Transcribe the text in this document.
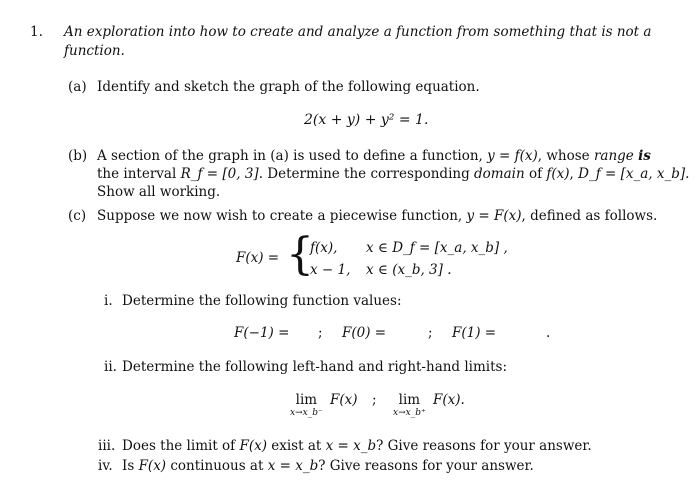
1. An exploration into how to create and analyze a function from something that is not a
function.
(a) Identify and sketch the graph of the following equation.
2(x + y) + y² = 1.
(b) A section of the graph in (a) is used to define a function, y = f(x), whose range is
the interval R_f = [0, 3]. Determine the corresponding domain of f(x), D_f = [x_a, x_b].
Show all working.
(c) Suppose we now wish to create a piecewise function, y = F(x), defined as follows.
F(x) = {
f(x), x ∈ D_f = [x_a, x_b] ,
x − 1, x ∈ (x_b, 3] .
i. Determine the following function values:
F(−1) = ; F(0) =	; F(1) =	.
ii. Determine the following left-hand and right-hand limits:
lim
x→x_b⁻
F(x) ;	lim
x→x_b⁺
F(x).
iii. Does the limit of F(x) exist at x = x_b? Give reasons for your answer.
iv. Is F(x) continuous at x = x_b? Give reasons for your answer.
